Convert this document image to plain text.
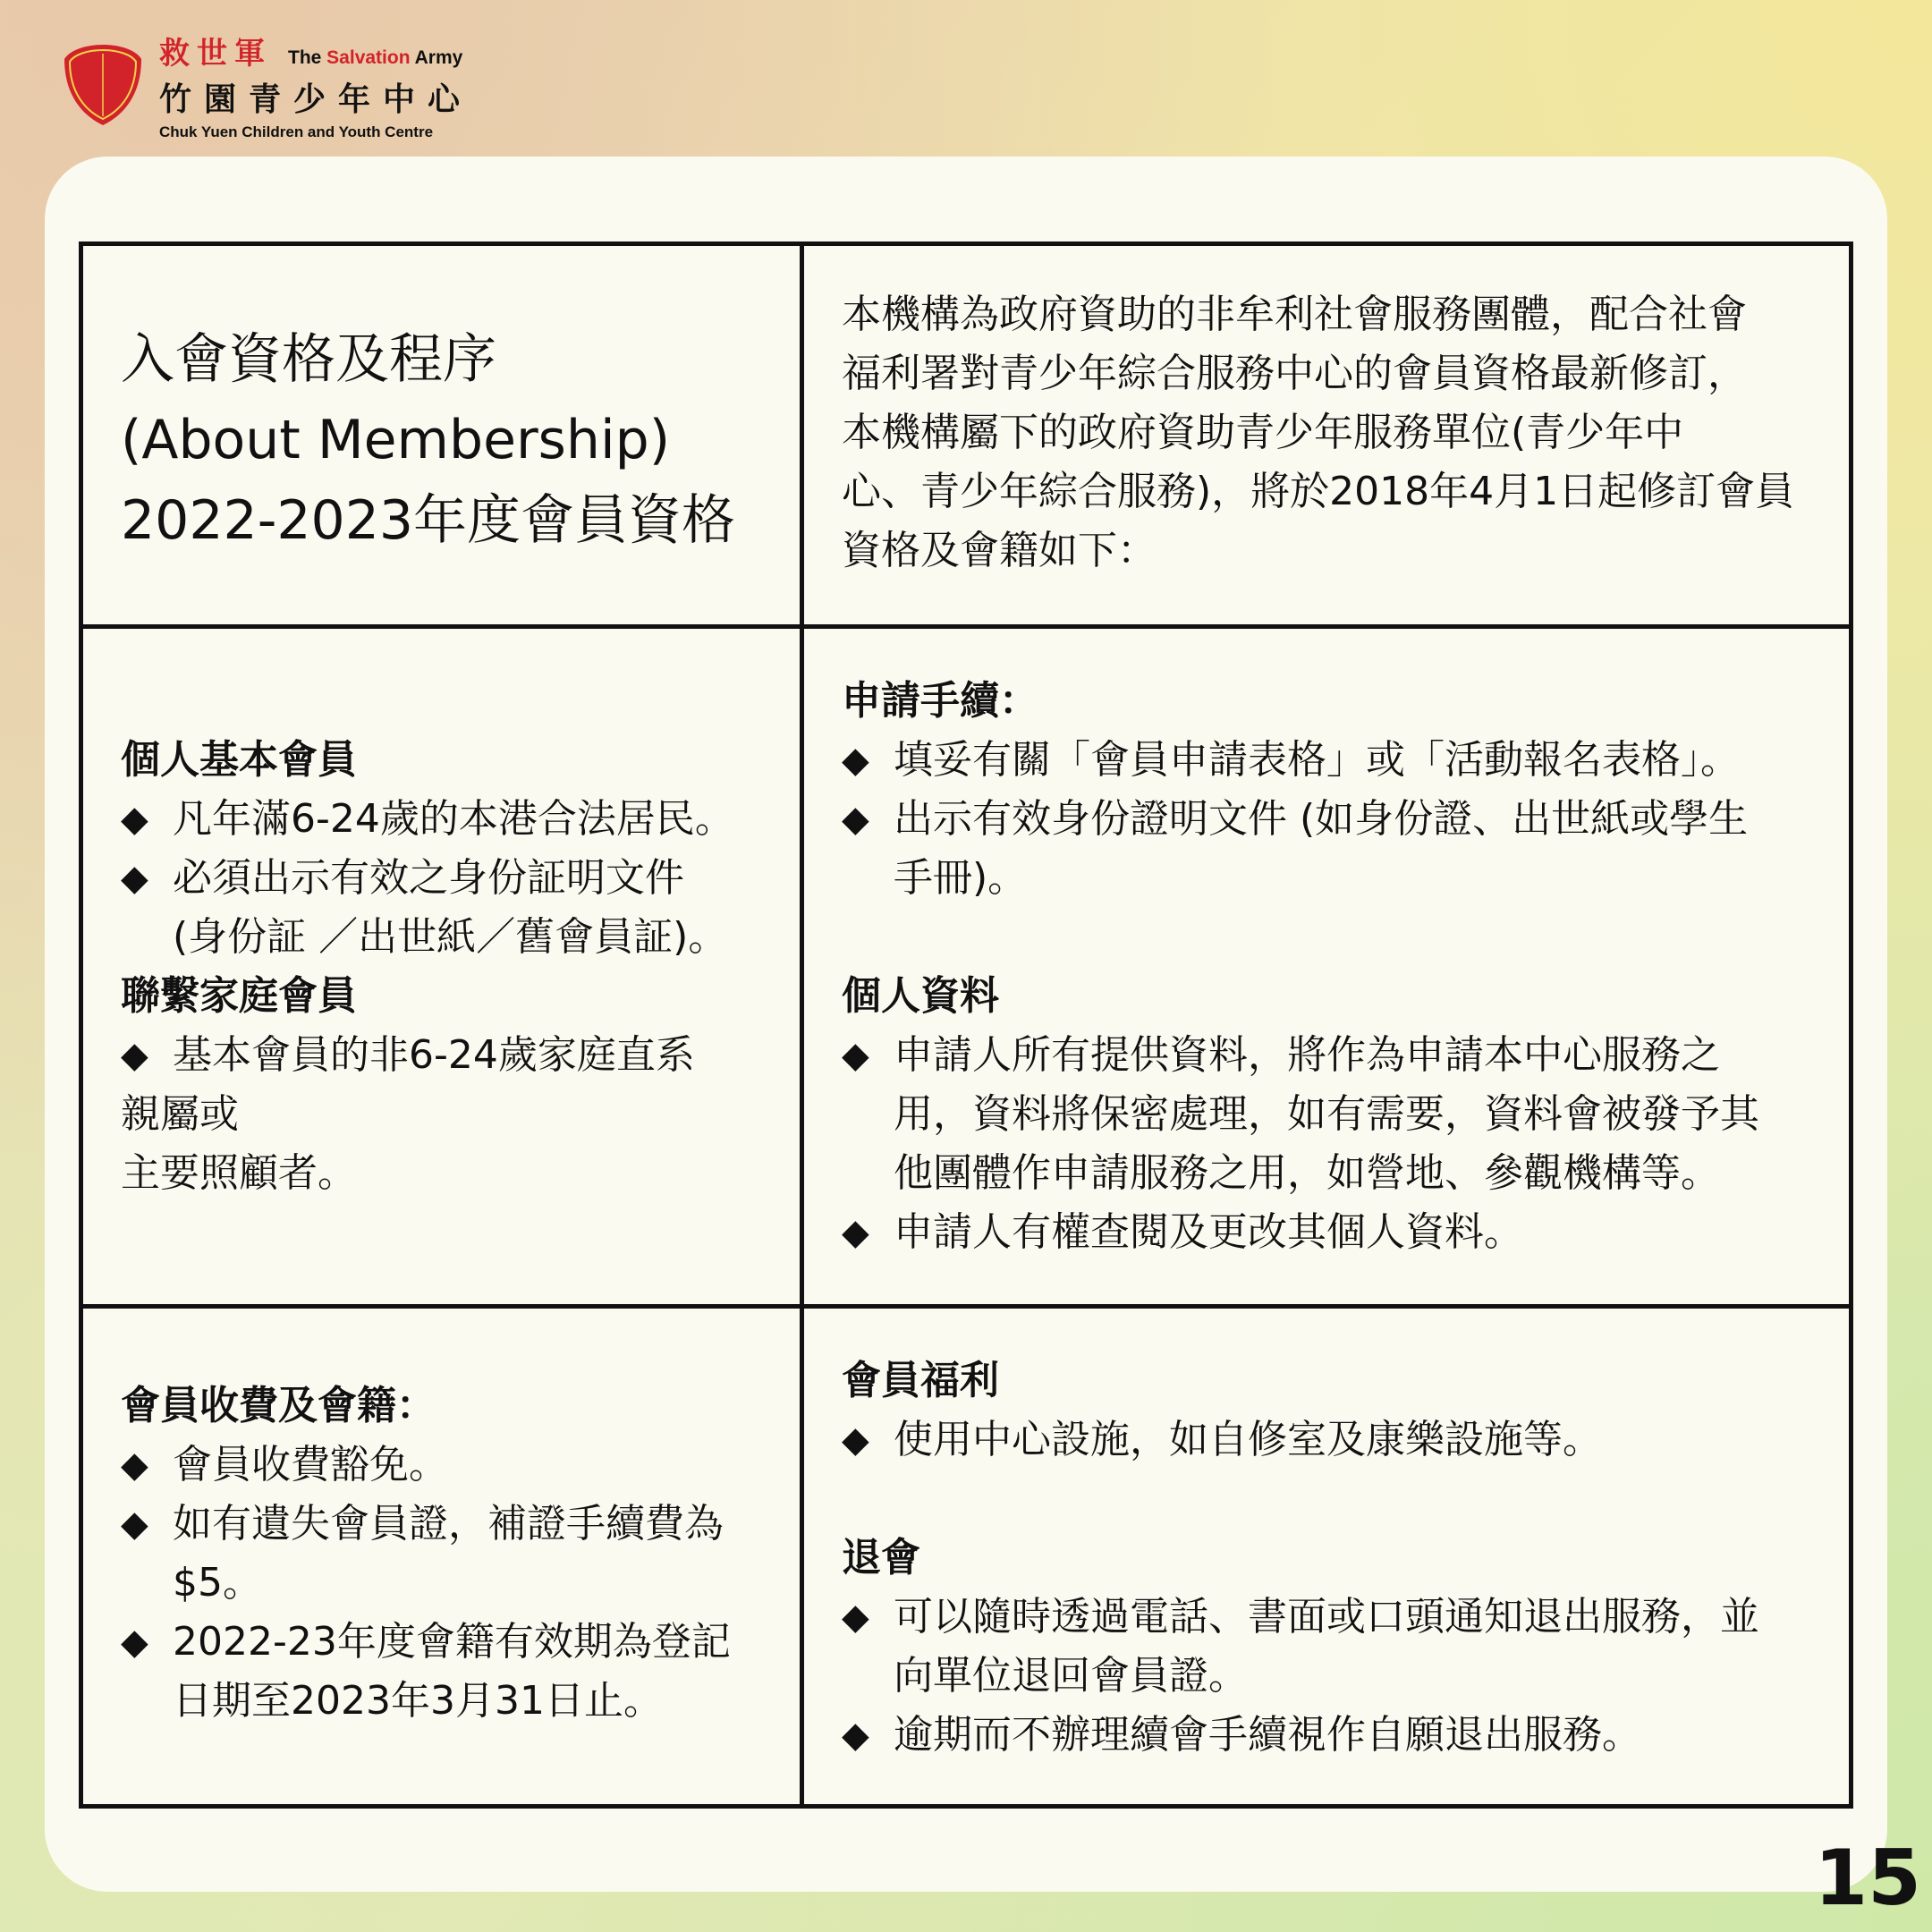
救世軍 The Salvation Army
竹園青少年中心
Chuk Yuen Children and Youth Centre
入會資格及程序
(About Membership)
2022-2023年度會員資格
本機構為政府資助的非牟利社會服務團體，配合社會
福利署對青少年綜合服務中心的會員資格最新修訂，
本機構屬下的政府資助青少年服務單位(青少年中
心、青少年綜合服務)，將於2018年4月1日起修訂會員
資格及會籍如下：
個人基本會員
◆ 凡年滿6-24歲的本港合法居民。
◆ 必須出示有效之身份証明文件
(身份証 ／出世紙／舊會員証)。
聯繫家庭會員
◆ 基本會員的非6-24歲家庭直系
親屬或
主要照顧者。
申請手續：
◆ 填妥有關「會員申請表格」或「活動報名表格」。
◆ 出示有效身份證明文件 (如身份證、出世紙或學生
手冊)。
個人資料
◆ 申請人所有提供資料，將作為申請本中心服務之
用，資料將保密處理，如有需要，資料會被發予其
他團體作申請服務之用，如營地、參觀機構等。
◆ 申請人有權查閱及更改其個人資料。
會員收費及會籍：
◆ 會員收費豁免。
◆ 如有遺失會員證，補證手續費為
$5。
◆ 2022-23年度會籍有效期為登記
日期至2023年3月31日止。
會員福利
◆ 使用中心設施，如自修室及康樂設施等。
退會
◆ 可以隨時透過電話、書面或口頭通知退出服務，並
向單位退回會員證。
◆ 逾期而不辦理續會手續視作自願退出服務。
15
